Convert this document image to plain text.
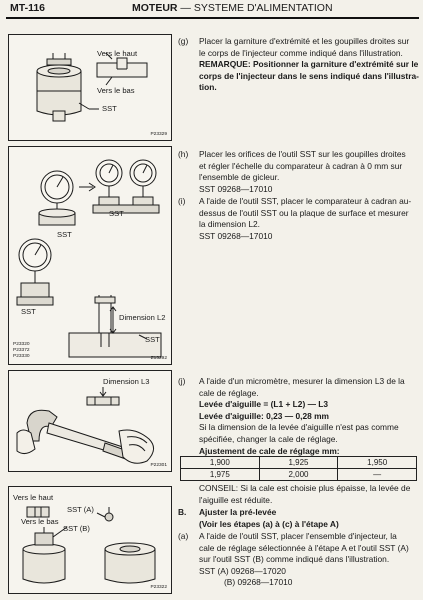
MT-116	MOTEUR — SYSTEME D'ALIMENTATION
Vers le haut
Vers le bas
SST
P23329
SST
SST
Dimension L2
SST
SST
P23320
P23372
P23330	Z15292
Dimension L3
P22301
Vers le haut
Vers le bas
SST (A)
SST (B)
P23322
(g) Placer la garniture d'extrémité et les goupilles droites sur
le corps de l'injecteur comme indiqué dans l'illustration.
REMARQUE: Positionner la garniture d'extrémité sur le
corps de l'injecteur dans le sens indiqué dans l'illustra-
tion.
(h) Placer les orifices de l'outil SST sur les goupilles droites
et régler l'échelle du comparateur à cadran à 0 mm sur
l'ensemble de gicleur.
SST 09268—17010
(i) A l'aide de l'outil SST, placer le comparateur à cadran au-
dessus de l'outil SST ou la plaque de surface et mesurer
la dimension L2.
SST 09268—17010
(j) A l'aide d'un micromètre, mesurer la dimension L3 de la
cale de réglage.
Levée d'aiguille = (L1 + L2) — L3
Levée d'aiguille: 0,23 — 0,28 mm
Si la dimension de la levée d'aiguille n'est pas comme
spécifiée, changer la cale de réglage.
Ajustement de cale de réglage mm:
1,900	1,925	1,950
1,975	2,000	—
CONSEIL: Si la cale est choisie plus épaisse, la levée de
l'aiguille est réduite.
B. Ajuster la pré-levée
(Voir les étapes (a) à (c) à l'étape A)
(a) A l'aide de l'outil SST, placer l'ensemble d'injecteur, la
cale de réglage sélectionnée à l'étape A et l'outil SST (A)
sur l'outil SST (B) comme indiqué dans l'illustration.
SST (A) 09268—17020
(B) 09268—17010
